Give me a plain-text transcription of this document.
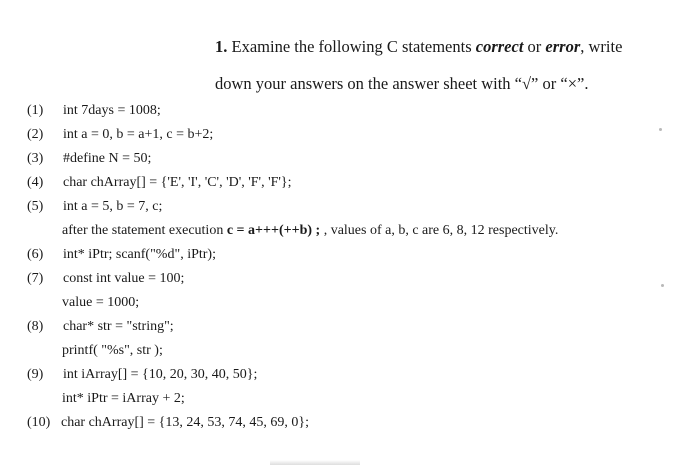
1. Examine the following C statements correct or error, write
down your answers on the answer sheet with “√” or “×”.
(1) int 7days = 1008;
(2) int a = 0, b = a+1, c = b+2;
(3) #define N = 50;
(4) char chArray[] = {'E', 'I', 'C', 'D', 'F', 'F'};
(5) int a = 5, b = 7, c;
after the statement execution c = a+++(++b) ; , values of a, b, c are 6, 8, 12 respectively.
(6) int* iPtr; scanf("%d", iPtr);
(7) const int value = 100;
value = 1000;
(8) char* str = "string";
printf( "%s", str );
(9) int iArray[] = {10, 20, 30, 40, 50};
int* iPtr = iArray + 2;
(10) char chArray[] = {13, 24, 53, 74, 45, 69, 0};
